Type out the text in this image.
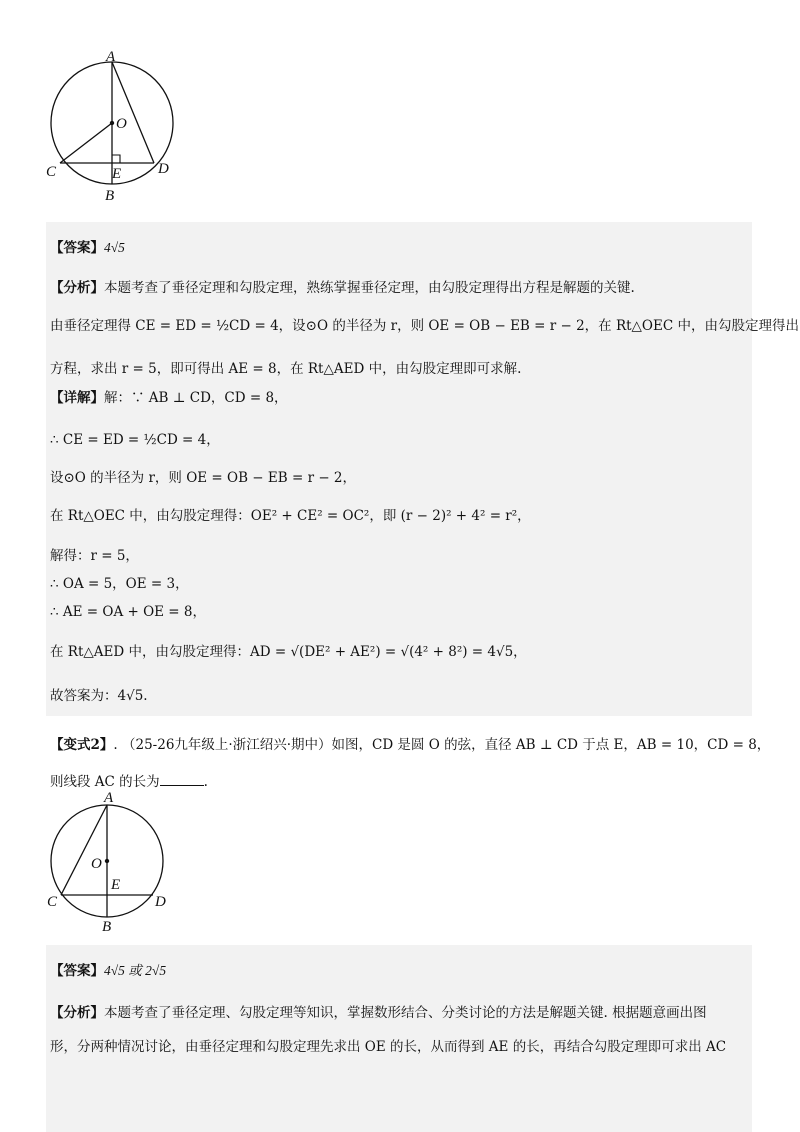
A
O
C	D
E
B
【答案】4√5
【分析】本题考查了垂径定理和勾股定理，熟练掌握垂径定理，由勾股定理得出方程是解题的关键.
由垂径定理得 CE = ED = ½CD = 4，设⊙O 的半径为 r，则 OE = OB − EB = r − 2，在 Rt△OEC 中，由勾股定理得出
方程，求出 r = 5，即可得出 AE = 8，在 Rt△AED 中，由勾股定理即可求解.
【详解】解：∵ AB ⊥ CD，CD = 8，
∴ CE = ED = ½CD = 4，
设⊙O 的半径为 r，则 OE = OB − EB = r − 2，
在 Rt△OEC 中，由勾股定理得：OE² + CE² = OC²，即 (r − 2)² + 4² = r²，
解得：r = 5，
∴ OA = 5，OE = 3，
∴ AE = OA + OE = 8，
在 Rt△AED 中，由勾股定理得：AD = √(DE² + AE²) = √(4² + 8²) = 4√5，
故答案为：4√5.
【变式2】. （25-26九年级上·浙江绍兴·期中）如图，CD 是圆 O 的弦，直径 AB ⊥ CD 于点 E，AB = 10，CD = 8，
则线段 AC 的长为	.
A
O
C	D
E
B
【答案】4√5 或 2√5
【分析】本题考查了垂径定理、勾股定理等知识，掌握数形结合、分类讨论的方法是解题关键. 根据题意画出图
形，分两种情况讨论，由垂径定理和勾股定理先求出 OE 的长，从而得到 AE 的长，再结合勾股定理即可求出 AC
